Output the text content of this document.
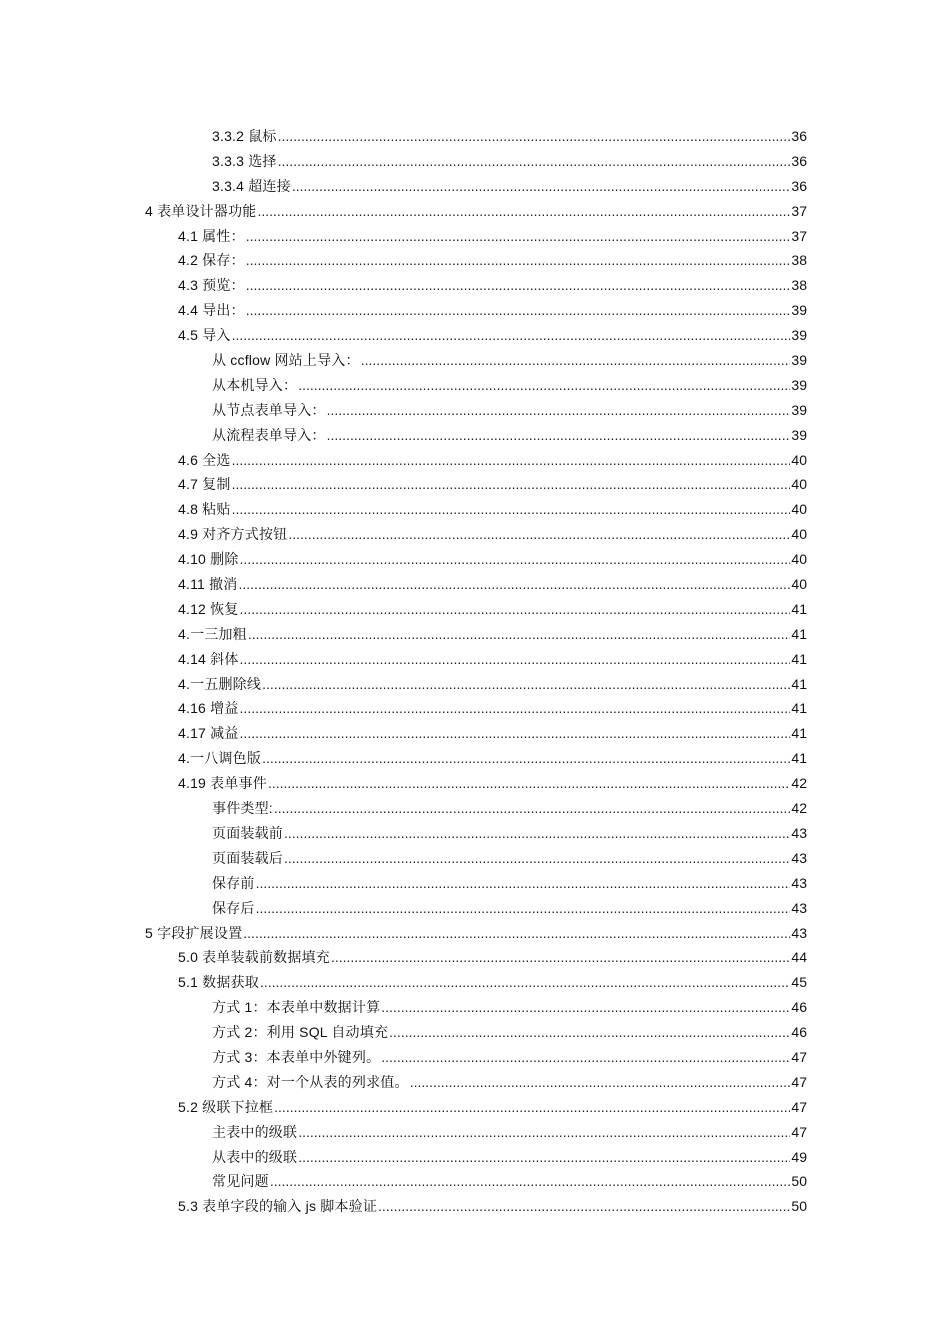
3.3.2 鼠标 .....	36
3.3.3 选择 .....	36
3.3.4 超连接 .....	36
4 表单设计器功能 .....	37
4.1 属性： .....	37
4.2 保存： .....	38
4.3 预览： .....	38
4.4 导出： .....	39
4.5 导入 .....	39
从 ccflow 网站上导入： .....	39
从本机导入： .....	39
从节点表单导入： .....	39
从流程表单导入： .....	39
4.6 全选 .....	40
4.7 复制 .....	40
4.8 粘贴 .....	40
4.9 对齐方式按钮 .....	40
4.10 删除 .....	40
4.11 撤消 .....	40
4.12 恢复 .....	41
4.一三加粗 .....	41
4.14 斜体 .....	41
4.一五删除线 .....	41
4.16 增益 .....	41
4.17 减益 .....	41
4.一八调色版 .....	41
4.19 表单事件 .....	42
事件类型: .....	42
页面装载前 .....	43
页面装载后 .....	43
保存前 .....	43
保存后 .....	43
5 字段扩展设置 .....	43
5.0 表单装载前数据填充 .....	44
5.1 数据获取 .....	45
方式 1：本表单中数据计算 .....	46
方式 2：利用 SQL 自动填充 .....	46
方式 3：本表单中外键列。 .....	47
方式 4：对一个从表的列求值。 .....	47
5.2 级联下拉框 .....	47
主表中的级联 .....	47
从表中的级联 .....	49
常见问题 .....	50
5.3 表单字段的输入 js 脚本验证 .....	50
